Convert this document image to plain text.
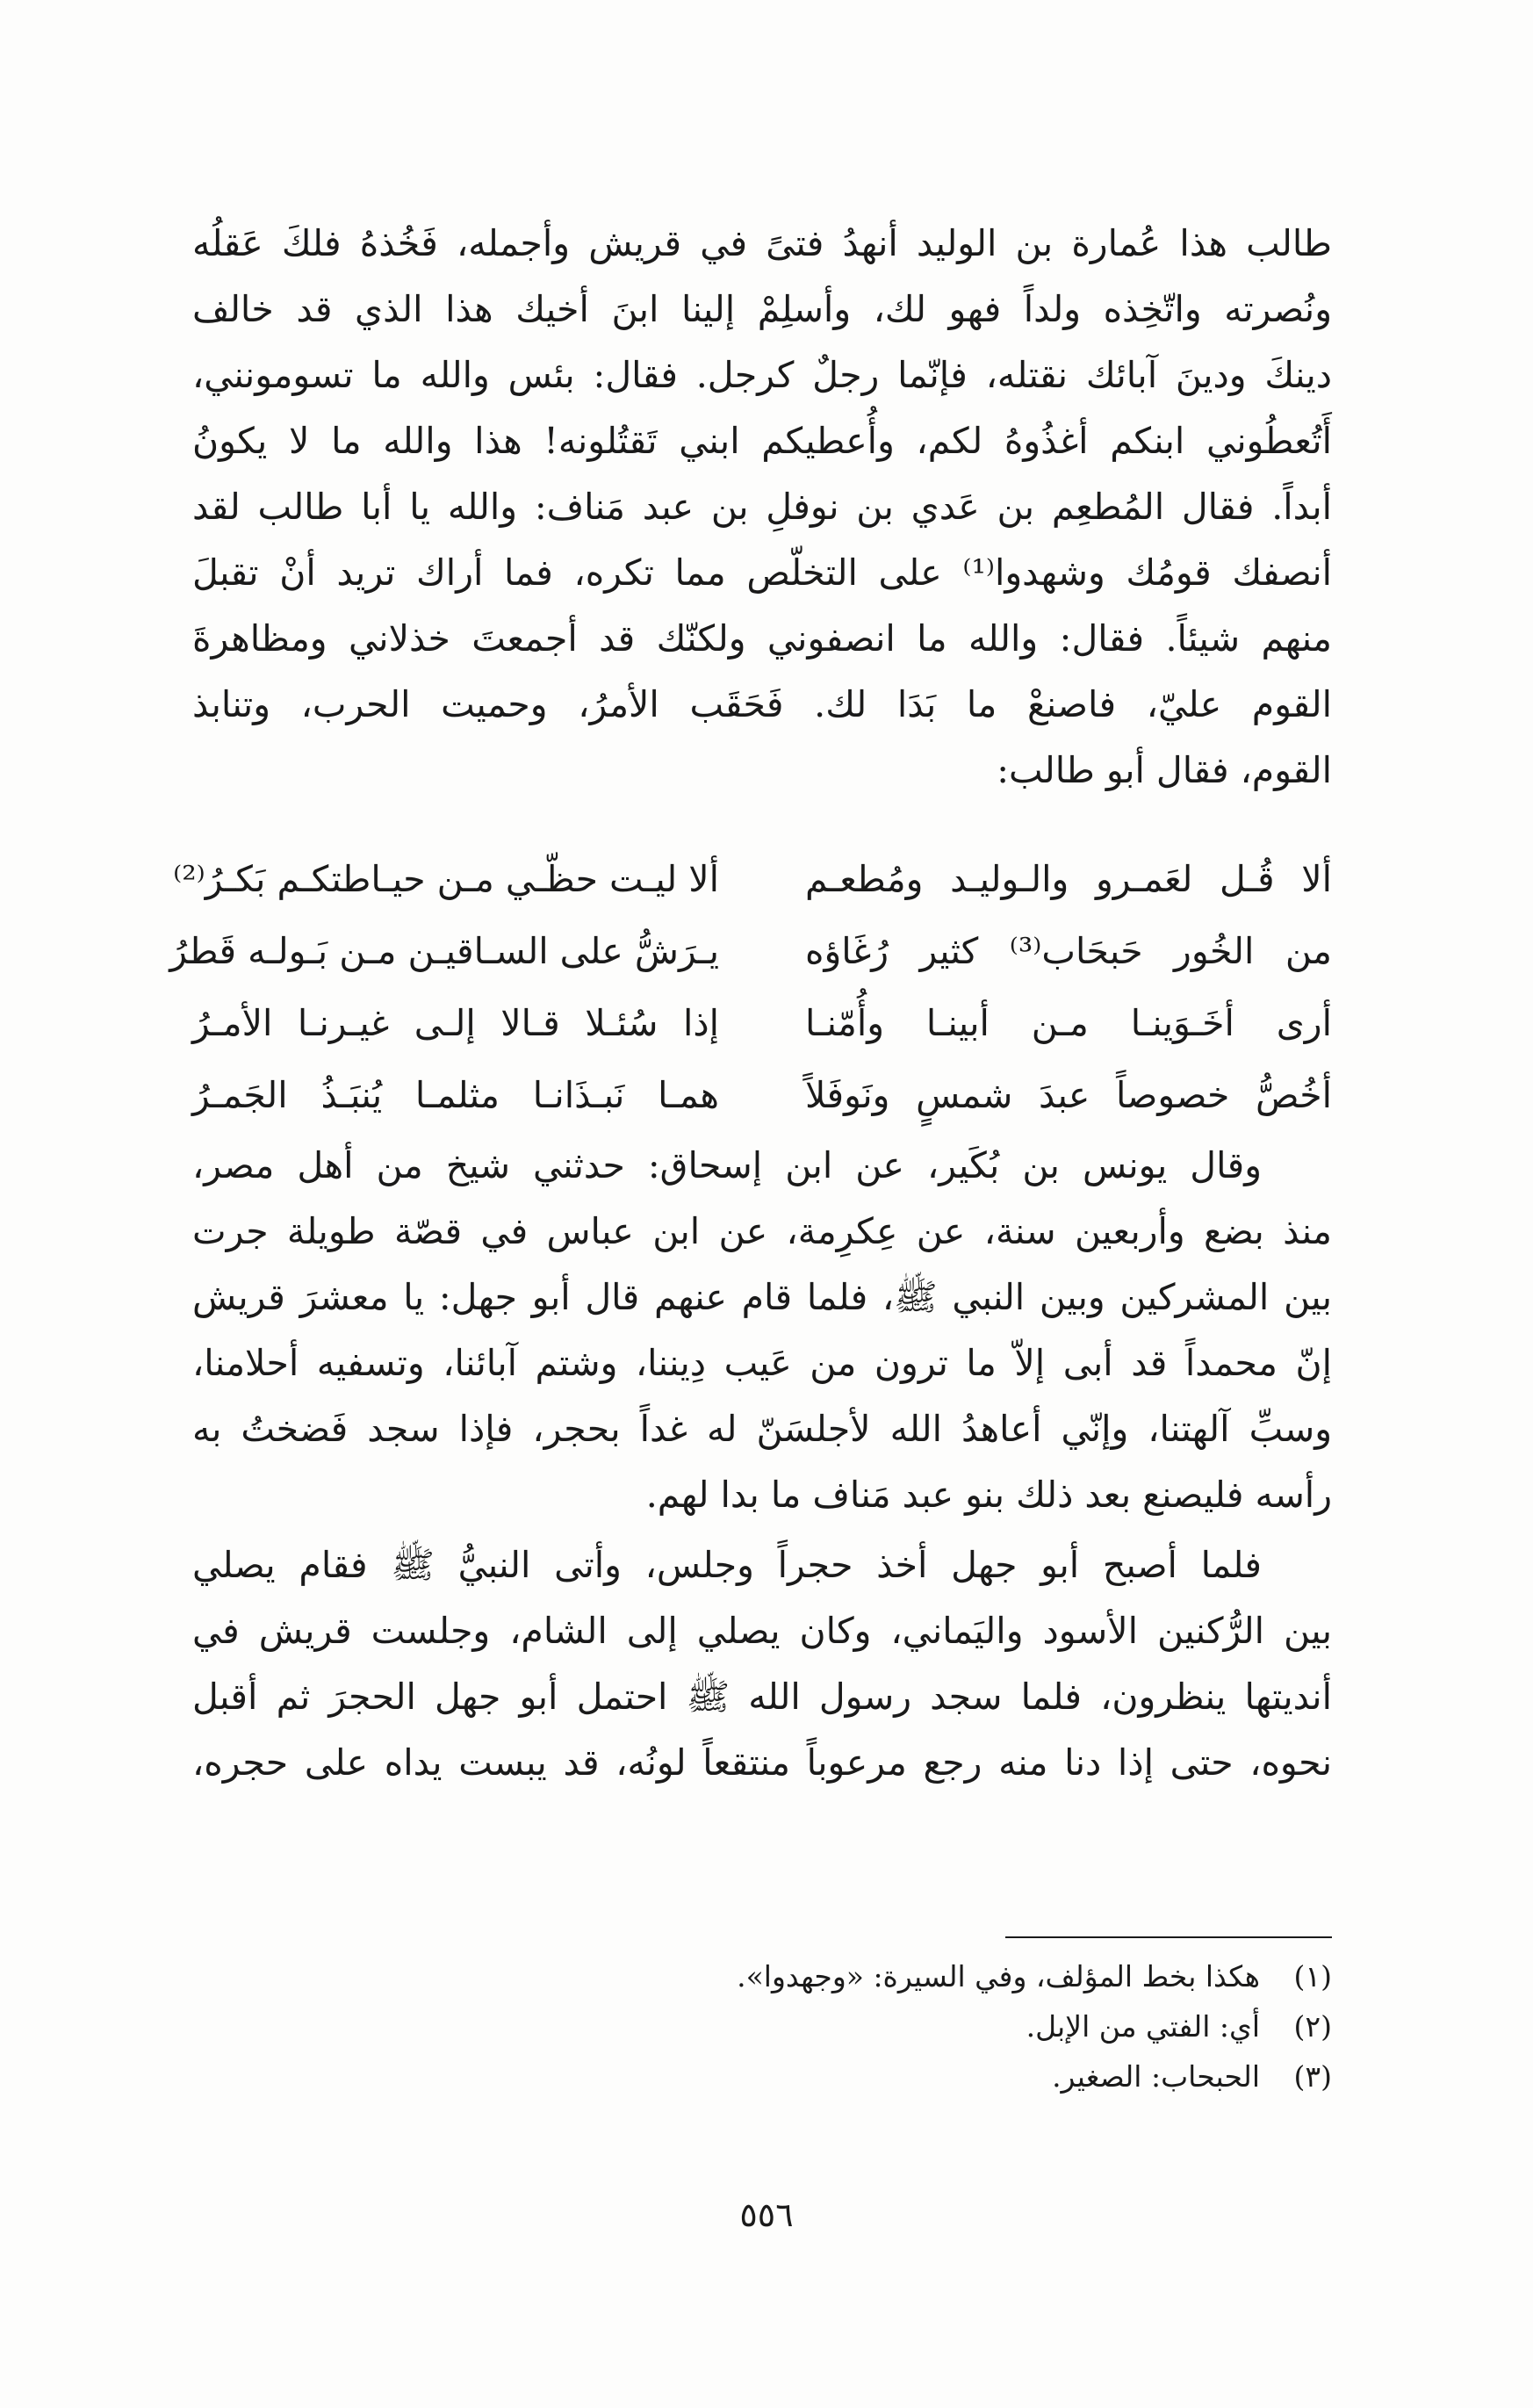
طالب هذا عُمارة بن الوليد أنهدُ فتىً في قريش وأجمله، فَخُذهُ فلكَ عَقلُه
ونُصرته واتّخِذه ولداً فهو لك، وأسلِمْ إلينا ابنَ أخيك هذا الذي قد خالف
دينكَ ودينَ آبائك نقتله، فإنّما رجلٌ كرجل. فقال: بئس والله ما تسومونني،
أَتُعطُوني ابنكم أغذُوهُ لكم، وأُعطيكم ابني تَقتُلونه! هذا والله ما لا يكونُ
أبداً. فقال المُطعِم بن عَدي بن نوفلِ بن عبد مَناف: والله يا أبا طالب لقد
أنصفك قومُك وشهدوا⁽¹⁾ على التخلّص مما تكره، فما أراك تريد أنْ تقبلَ
منهم شيئاً. فقال: والله ما انصفوني ولكنّك قد أجمعتَ خذلاني ومظاهرةَ
القوم عليّ، فاصنعْ ما بَدَا لك. فَحَقَب الأمرُ، وحميت الحرب، وتنابذ
القوم، فقال أبو طالب:
ألا قُـل لعَمـرو والـوليـد ومُطعـم
ألا ليـت حظّـي مـن حيـاطتكـم بَكـرُ⁽²⁾
من الخُور حَبحَاب⁽³⁾ كثير رُغَاؤه
يـرَشُّ على السـاقيـن مـن بَـولـه قَطرُ
أرى أخَـوَينـا مـن أبينـا وأُمّنـا
إذا سُئـلا قـالا إلـى غيـرنـا الأمـرُ
أخُصُّ خصوصاً عبدَ شمسٍ ونَوفَلاً
همـا نَبـذَانـا مثلمـا يُنبَـذُ الجَمـرُ
وقال يونس بن بُكَير، عن ابن إسحاق: حدثني شيخ من أهل مصر،
منذ بضع وأربعين سنة، عن عِكرِمة، عن ابن عباس في قصّة طويلة جرت
بين المشركين وبين النبي ﷺ، فلما قام عنهم قال أبو جهل: يا معشرَ قريش
إنّ محمداً قد أبى إلاّ ما ترون من عَيب دِيننا، وشتم آبائنا، وتسفيه أحلامنا،
وسبِّ آلهتنا، وإنّي أعاهدُ الله لأجلسَنّ له غداً بحجر، فإذا سجد فَضختُ به
رأسه فليصنع بعد ذلك بنو عبد مَناف ما بدا لهم.
فلما أصبح أبو جهل أخذ حجراً وجلس، وأتى النبيُّ ﷺ فقام يصلي
بين الرُّكنين الأسود واليَماني، وكان يصلي إلى الشام، وجلست قريش في
أنديتها ينظرون، فلما سجد رسول الله ﷺ احتمل أبو جهل الحجرَ ثم أقبل
نحوه، حتى إذا دنا منه رجع مرعوباً منتقعاً لونُه، قد يبست يداه على حجره،
(١)
هكذا بخط المؤلف، وفي السيرة: «وجهدوا».
(٢)
أي: الفتي من الإبل.
(٣)
الحبحاب: الصغير.
٥٥٦
